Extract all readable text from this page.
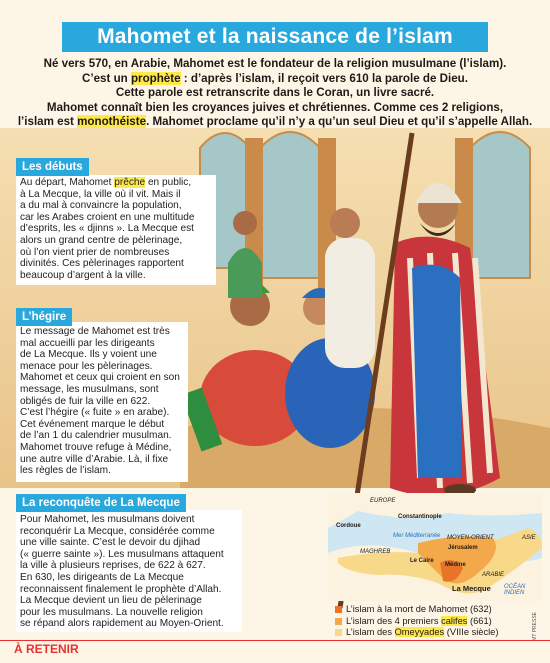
Mahomet et la naissance de l’islam
Né vers 570, en Arabie, Mahomet est le fondateur de la religion musulmane (l’islam).
C’est un prophète : d’après l’islam, il reçoit vers 610 la parole de Dieu.
Cette parole est retranscrite dans le Coran, un livre sacré.
Mahomet connaît bien les croyances juives et chrétiennes. Comme ces 2 religions,
l’islam est monothéiste. Mahomet proclame qu’il n’y a qu’un seul Dieu et qu’il s’appelle Allah.
Les débuts
Au départ, Mahomet prêche en public,
à La Mecque, la ville où il vit. Mais il
a du mal à convaincre la population,
car les Arabes croient en une multitude
d’esprits, les « djinns ». La Mecque est
alors un grand centre de pèlerinage,
où l’on vient prier de nombreuses
divinités. Ces pèlerinages rapportent
beaucoup d’argent à la ville.
L’hégire
Le message de Mahomet est très
mal accueilli par les dirigeants
de La Mecque. Ils y voient une
menace pour les pèlerinages.
Mahomet et ceux qui croient en son
message, les musulmans, sont
obligés de fuir la ville en 622.
C’est l’hégire (« fuite » en arabe).
Cet événement marque le début
de l’an 1 du calendrier musulman.
Mahomet trouve refuge à Médine,
une autre ville d’Arabie. Là, il fixe
les règles de l’islam.
La reconquête de La Mecque
Pour Mahomet, les musulmans doivent
reconquérir La Mecque, considérée comme
une ville sainte. C’est le devoir du djihad
(« guerre sainte »). Les musulmans attaquent
la ville à plusieurs reprises, de 622 à 627.
En 630, les dirigeants de La Mecque
reconnaissent finalement le prophète d’Allah.
La Mecque devient un lieu de pèlerinage
pour les musulmans. La nouvelle religion
se répand alors rapidement au Moyen-Orient.
EUROPE
Cordoue
Constantinople
Mer Méditerranée MOYEN-ORIENT
Jérusalem
ASIE
MAGHREB
Le Caire
Médine
ARABIE
La Mecque OCÉAN INDIEN
L’islam à la mort de Mahomet (632)
L’islam des 4 premiers califes (661)
L’islam des Omeyyades (VIIIe siècle)	MT PRESSE
À RETENIR
